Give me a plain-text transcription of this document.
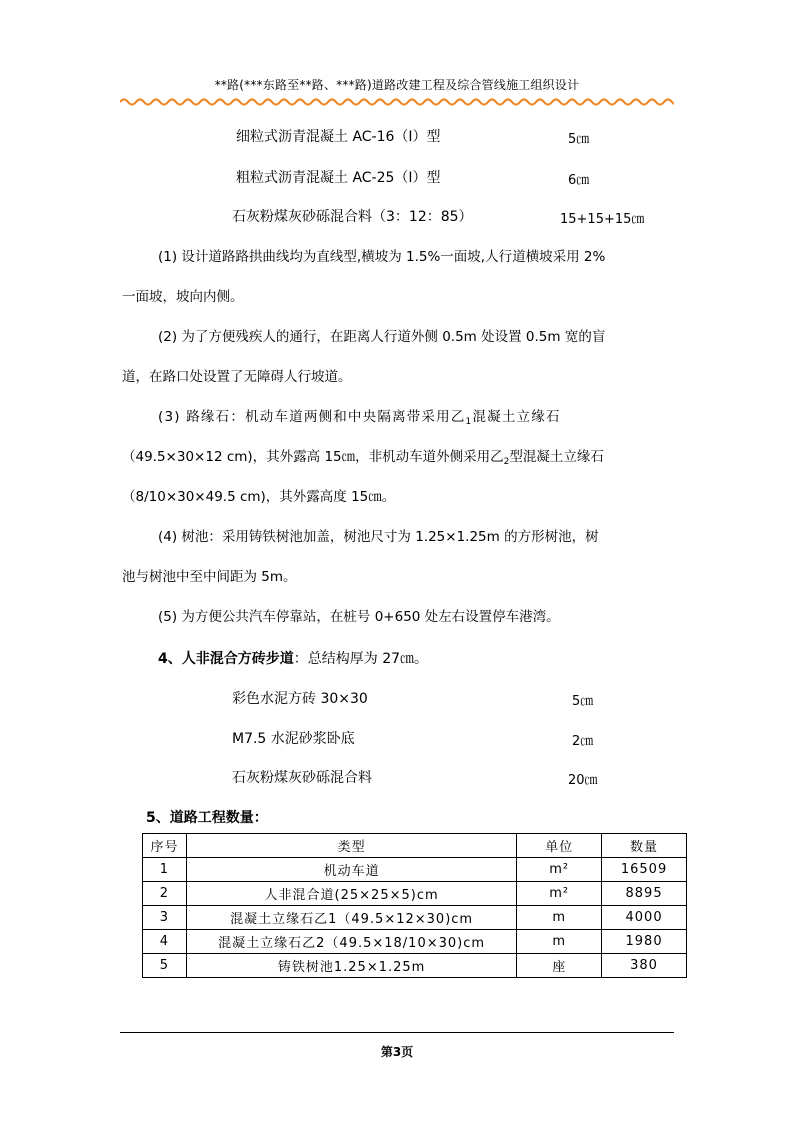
**路(***东路至**路、***路)道路改建工程及综合管线施工组织设计
细粒式沥青混凝土 AC-16（Ⅰ）型	5㎝
粗粒式沥青混凝土 AC-25（Ⅰ）型	6㎝
石灰粉煤灰砂砾混合料（3：12：85）	15+15+15㎝
(1) 设计道路路拱曲线均为直线型,横坡为 1.5%一面坡,人行道横坡采用 2%
一面坡，坡向内侧。
(2) 为了方便残疾人的通行，在距离人行道外侧 0.5m 处设置 0.5m 宽的盲
道，在路口处设置了无障碍人行坡道。
(3) 路缘石：机动车道两侧和中央隔离带采用乙$_1$混凝土立缘石
（49.5×30×12 cm)，其外露高 15㎝，非机动车道外侧采用乙$_2$型混凝土立缘石
（8/10×30×49.5 cm)，其外露高度 15㎝。
(4) 树池：采用铸铁树池加盖，树池尺寸为 1.25×1.25m 的方形树池，树
池与树池中至中间距为 5m。
(5) 为方便公共汽车停靠站，在桩号 0+650 处左右设置停车港湾。
4、人非混合方砖步道：总结构厚为 27㎝。
彩色水泥方砖 30×30	5㎝
M7.5 水泥砂浆卧底	2㎝
石灰粉煤灰砂砾混合料	20㎝
5、道路工程数量：
序号	类型	单位	数量
1	机动车道	m²	16509
2	人非混合道(25×25×5)cm	m²	8895
3	混凝土立缘石乙1（49.5×12×30)cm	m	4000
4	混凝土立缘石乙2（49.5×18/10×30)cm	m	1980
5	铸铁树池1.25×1.25m	座	380
第3页
